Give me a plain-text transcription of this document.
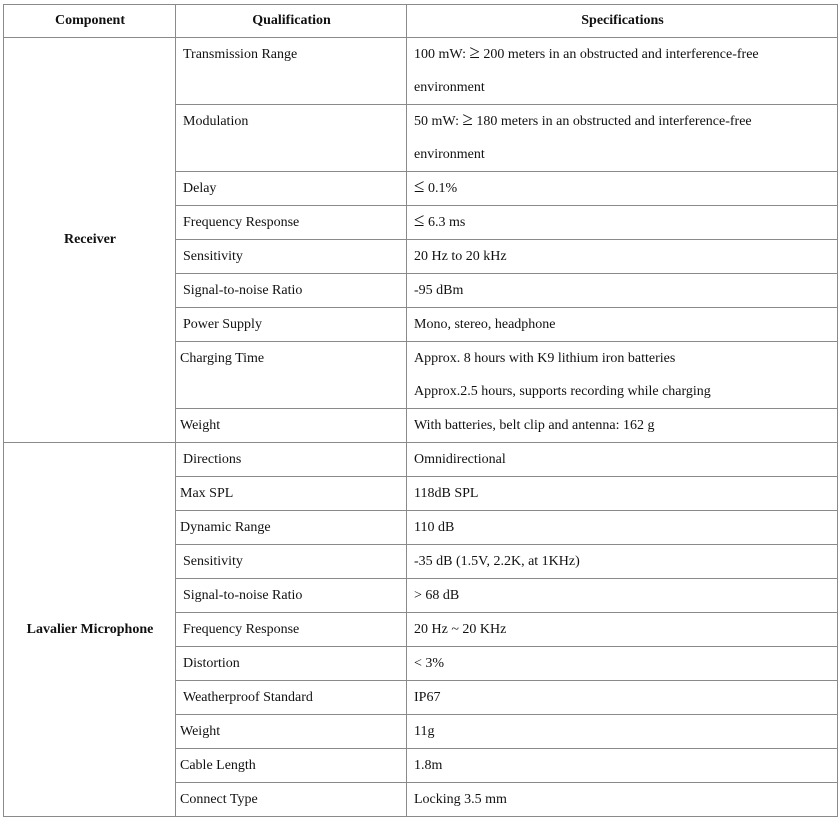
Component	Qualification	Specifications
Receiver	Transmission Range	100 mW: ≥ 200 meters in an obstructed and interference-free
environment

	Modulation	50 mW: ≥ 180 meters in an obstructed and interference-free
environment

	Delay	≤ 0.1%

	Frequency Response	≤ 6.3 ms

	Sensitivity	20 Hz to 20 kHz

	Signal-to-noise Ratio	-95 dBm

	Power Supply	Mono, stereo, headphone

	Charging Time	Approx. 8 hours with K9 lithium iron batteries
Approx.2.5 hours, supports recording while charging

	Weight	With batteries, belt clip and antenna: 162 g

Lavalier Microphone	Directions	Omnidirectional

	Max SPL	118dB SPL

	Dynamic Range	110 dB

	Sensitivity	-35 dB (1.5V, 2.2K, at 1KHz)

	Signal-to-noise Ratio	> 68 dB

	Frequency Response	20 Hz ~ 20 KHz

	Distortion	< 3%

	Weatherproof Standard	IP67

	Weight	11g

	Cable Length	1.8m

	Connect Type	Locking 3.5 mm
